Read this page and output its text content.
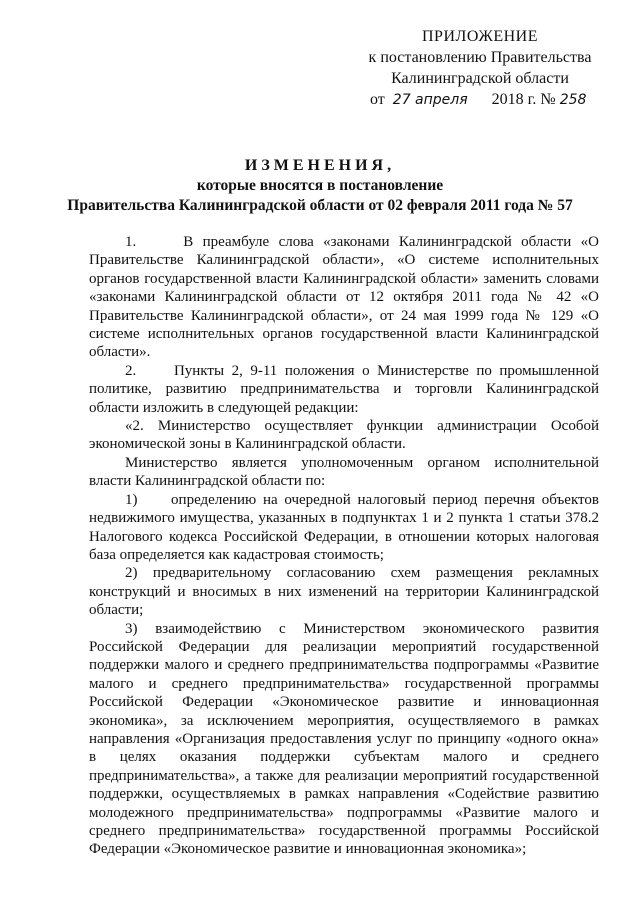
ПРИЛОЖЕНИЕ
к постановлению Правительства
Калининградской области
от 27 апреля 2018 г. № 258
ИЗМЕНЕНИЯ,
которые вносятся в постановление
Правительства Калининградской области от 02 февраля 2011 года № 57

1.     В преамбуле слова «законами Калининградской области «О Правительстве Калининградской области», «О системе исполнительных органов государственной власти Калининградской области» заменить словами «законами Калининградской области от 12 октября 2011 года № 42 «О Правительстве Калининградской области», от 24 мая 1999 года № 129 «О системе исполнительных органов государственной власти Калининградской области».

2.     Пункты 2, 9-11 положения о Министерстве по промышленной политике, развитию предпринимательства и торговли Калининградской области изложить в следующей редакции:

«2. Министерство осуществляет функции администрации Особой экономической зоны в Калининградской области.

Министерство является уполномоченным органом исполнительной власти Калининградской области по:

1)     определению на очередной налоговый период перечня объектов недвижимого имущества, указанных в подпунктах 1 и 2 пункта 1 статьи 378.2 Налогового кодекса Российской Федерации, в отношении которых налоговая база определяется как кадастровая стоимость;

2) предварительному согласованию схем размещения рекламных конструкций и вносимых в них изменений на территории Калининградской области;

3) взаимодействию с Министерством экономического развития Российской Федерации для реализации мероприятий государственной поддержки малого и среднего предпринимательства подпрограммы «Развитие малого и среднего предпринимательства» государственной программы Российской Федерации «Экономическое развитие и инновационная экономика», за исключением мероприятия, осуществляемого в рамках направления «Организация предоставления услуг по принципу «одного окна» в целях оказания поддержки субъектам малого и среднего предпринимательства», а также для реализации мероприятий государственной поддержки, осуществляемых в рамках направления «Содействие развитию молодежного предпринимательства» подпрограммы «Развитие малого и среднего предпринимательства» государственной программы Российской Федерации «Экономическое развитие и инновационная экономика»;
